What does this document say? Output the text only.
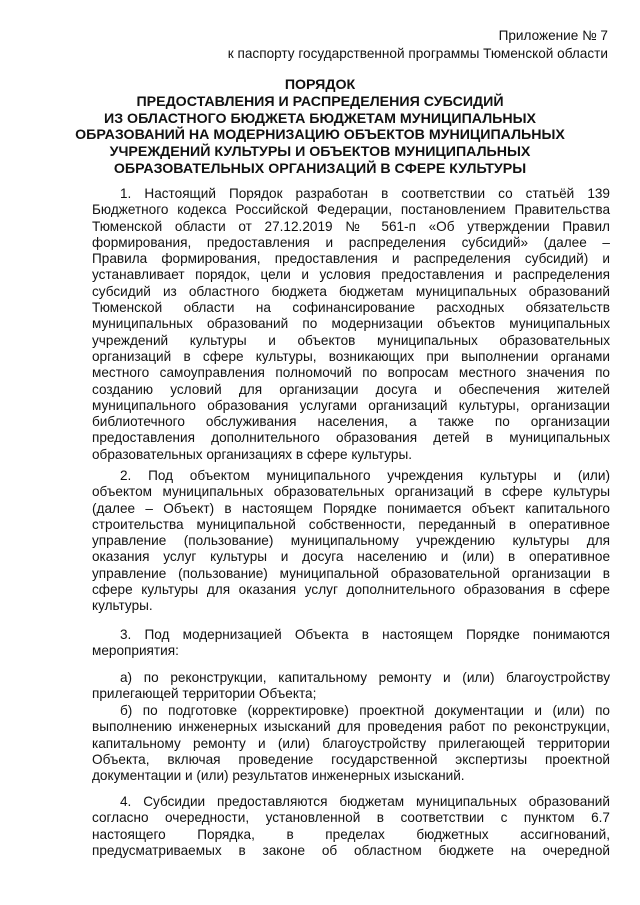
Приложение № 7
к паспорту государственной программы Тюменской области
ПОРЯДОК
ПРЕДОСТАВЛЕНИЯ И РАСПРЕДЕЛЕНИЯ СУБСИДИЙ
ИЗ ОБЛАСТНОГО БЮДЖЕТА БЮДЖЕТАМ МУНИЦИПАЛЬНЫХ
ОБРАЗОВАНИЙ НА МОДЕРНИЗАЦИЮ ОБЪЕКТОВ МУНИЦИПАЛЬНЫХ
УЧРЕЖДЕНИЙ КУЛЬТУРЫ И ОБЪЕКТОВ МУНИЦИПАЛЬНЫХ
ОБРАЗОВАТЕЛЬНЫХ ОРГАНИЗАЦИЙ В СФЕРЕ КУЛЬТУРЫ
1. Настоящий Порядок разработан в соответствии со статьёй 139
Бюджетного кодекса Российской Федерации, постановлением Правительства
Тюменской области от 27.12.2019 № 561-п «Об утверждении Правил
формирования, предоставления и распределения субсидий» (далее –
Правила формирования, предоставления и распределения субсидий) и
устанавливает порядок, цели и условия предоставления и распределения
субсидий из областного бюджета бюджетам муниципальных образований
Тюменской области на софинансирование расходных обязательств
муниципальных образований по модернизации объектов муниципальных
учреждений культуры и объектов муниципальных образовательных
организаций в сфере культуры, возникающих при выполнении органами
местного самоуправления полномочий по вопросам местного значения по
созданию условий для организации досуга и обеспечения жителей
муниципального образования услугами организаций культуры, организации
библиотечного обслуживания населения, а также по организации
предоставления дополнительного образования детей в муниципальных
образовательных организациях в сфере культуры.
2. Под объектом муниципального учреждения культуры и (или)
объектом муниципальных образовательных организаций в сфере культуры
(далее – Объект) в настоящем Порядке понимается объект капитального
строительства муниципальной собственности, переданный в оперативное
управление (пользование) муниципальному учреждению культуры для
оказания услуг культуры и досуга населению и (или) в оперативное
управление (пользование) муниципальной образовательной организации в
сфере культуры для оказания услуг дополнительного образования в сфере
культуры.
3. Под модернизацией Объекта в настоящем Порядке понимаются
мероприятия:
а) по реконструкции, капитальному ремонту и (или) благоустройству
прилегающей территории Объекта;
б) по подготовке (корректировке) проектной документации и (или) по
выполнению инженерных изысканий для проведения работ по реконструкции,
капитальному ремонту и (или) благоустройству прилегающей территории
Объекта, включая проведение государственной экспертизы проектной
документации и (или) результатов инженерных изысканий.
4. Субсидии предоставляются бюджетам муниципальных образований
согласно очередности, установленной в соответствии с пунктом 6.7
настоящего Порядка, в пределах бюджетных ассигнований,
предусматриваемых в законе об областном бюджете на очередной
